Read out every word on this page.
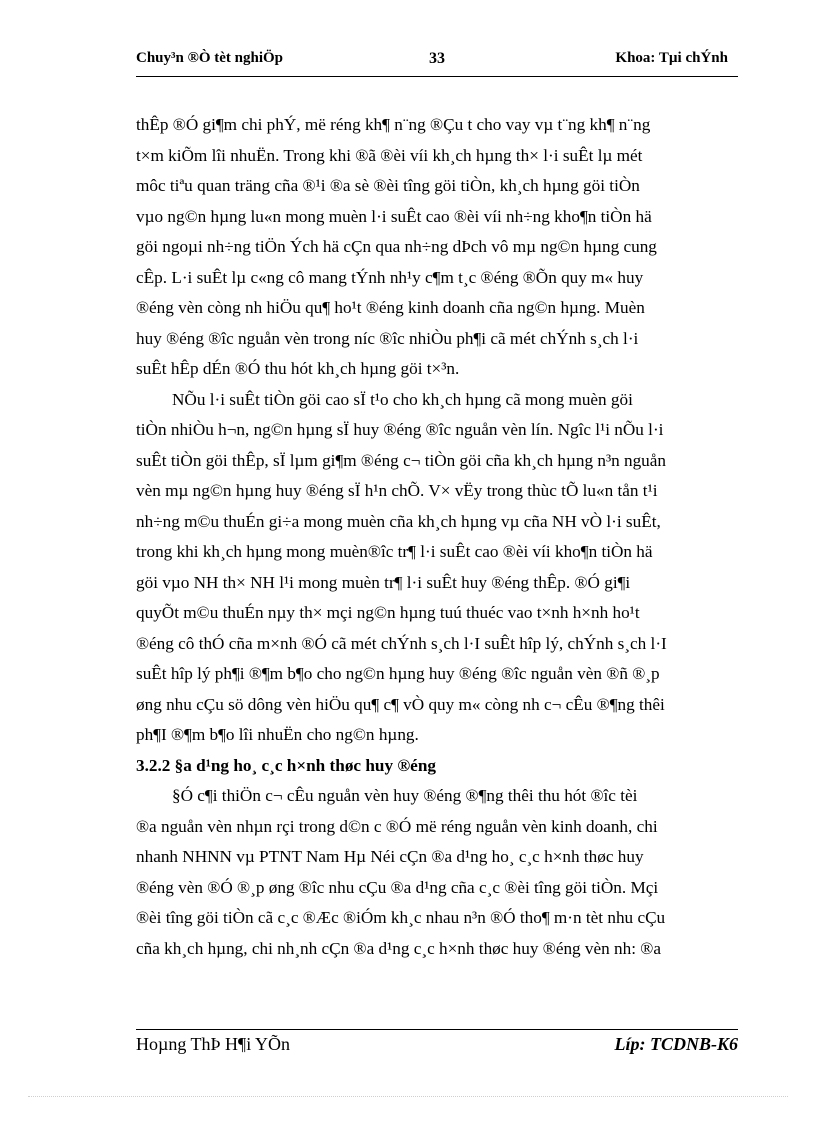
Chuy³n ®Ò tèt nghiÖp	33	Khoa: Tµi chÝnh

thÊp ®Ó gi¶m chi phÝ, më réng kh¶ n¨ng ®Çu t cho vay vµ t¨ng kh¶ n¨ng

t×m kiÕm lîi nhuËn. Trong khi ®ã ®èi víi kh¸ch hµng th× l·i suÊt lµ mét

môc tiªu quan träng cña ®¹i ®a sè ®èi tîng göi tiÒn, kh¸ch hµng göi tiÒn

vµo ng©n hµng lu«n mong muèn l·i suÊt cao ®èi víi nh÷ng kho¶n tiÒn hä

göi ngoµi nh÷ng tiÖn Ých hä cÇn qua nh÷ng dÞch vô mµ ng©n hµng cung

cÊp. L·i suÊt lµ c«ng cô mang tÝnh nh¹y c¶m t¸c ®éng ®Õn quy m« huy

®éng vèn còng nh hiÖu qu¶ ho¹t ®éng kinh doanh cña ng©n hµng. Muèn

huy ®éng ®îc nguån vèn trong níc ®îc nhiÒu ph¶i cã mét chÝnh s¸ch l·i

suÊt hÊp dÉn ®Ó thu hót kh¸ch hµng göi t×³n.

NÕu l·i suÊt tiÒn göi cao sÏ t¹o cho kh¸ch hµng cã mong muèn göi

tiÒn nhiÒu h¬n, ng©n hµng sÏ huy ®éng ®îc nguån vèn lín. Ngîc l¹i nÕu l·i

suÊt tiÒn göi thÊp, sÏ lµm gi¶m ®éng c¬ tiÒn göi cña kh¸ch hµng n³n nguån

vèn mµ ng©n hµng huy ®éng sÏ h¹n chÕ. V× vËy trong thùc tÕ lu«n tån t¹i

nh÷ng m©u thuÉn gi÷a mong muèn cña kh¸ch hµng vµ cña NH vÒ l·i suÊt,

trong khi kh¸ch hµng mong muèn®îc tr¶ l·i suÊt cao ®èi víi kho¶n tiÒn hä

göi vµo NH th× NH l¹i mong muèn tr¶ l·i suÊt huy ®éng thÊp. ®Ó gi¶i

quyÕt m©u thuÉn nµy th× mçi ng©n hµng tuú thuéc vao t×nh h×nh ho¹t

®éng cô thÓ cña m×nh ®Ó cã mét chÝnh s¸ch l·I suÊt hîp lý, chÝnh s¸ch l·I

suÊt hîp lý ph¶i ®¶m b¶o cho ng©n hµng huy ®éng ®îc nguån vèn ®ñ ®¸p

øng nhu cÇu sö dông vèn hiÖu qu¶ c¶ vÒ quy m« còng nh c¬ cÊu ®¶ng thêi

ph¶I ®¶m b¶o lîi nhuËn cho ng©n hµng.

3.2.2 §a d¹ng ho¸ c¸c h×nh thøc huy ®éng

§Ó c¶i thiÖn c¬ cÊu nguån vèn huy ®éng ®¶ng thêi thu hót ®îc tèi

®a nguån vèn nhµn rçi trong d©n c ®Ó më réng nguån vèn kinh doanh, chi

nhanh NHNN vµ PTNT Nam Hµ Néi cÇn ®a d¹ng ho¸ c¸c h×nh thøc huy

®éng vèn ®Ó ®¸p øng ®îc nhu cÇu ®a d¹ng cña c¸c ®èi tîng göi tiÒn. Mçi

®èi tîng göi tiÒn cã c¸c ®Æc ®iÓm kh¸c nhau n³n ®Ó tho¶ m·n tèt nhu cÇu

cña kh¸ch hµng, chi nh¸nh cÇn ®a d¹ng c¸c h×nh thøc huy ®éng vèn nh: ®a

Hoµng ThÞ H¶i YÕn	Líp: TCDNB-K6
